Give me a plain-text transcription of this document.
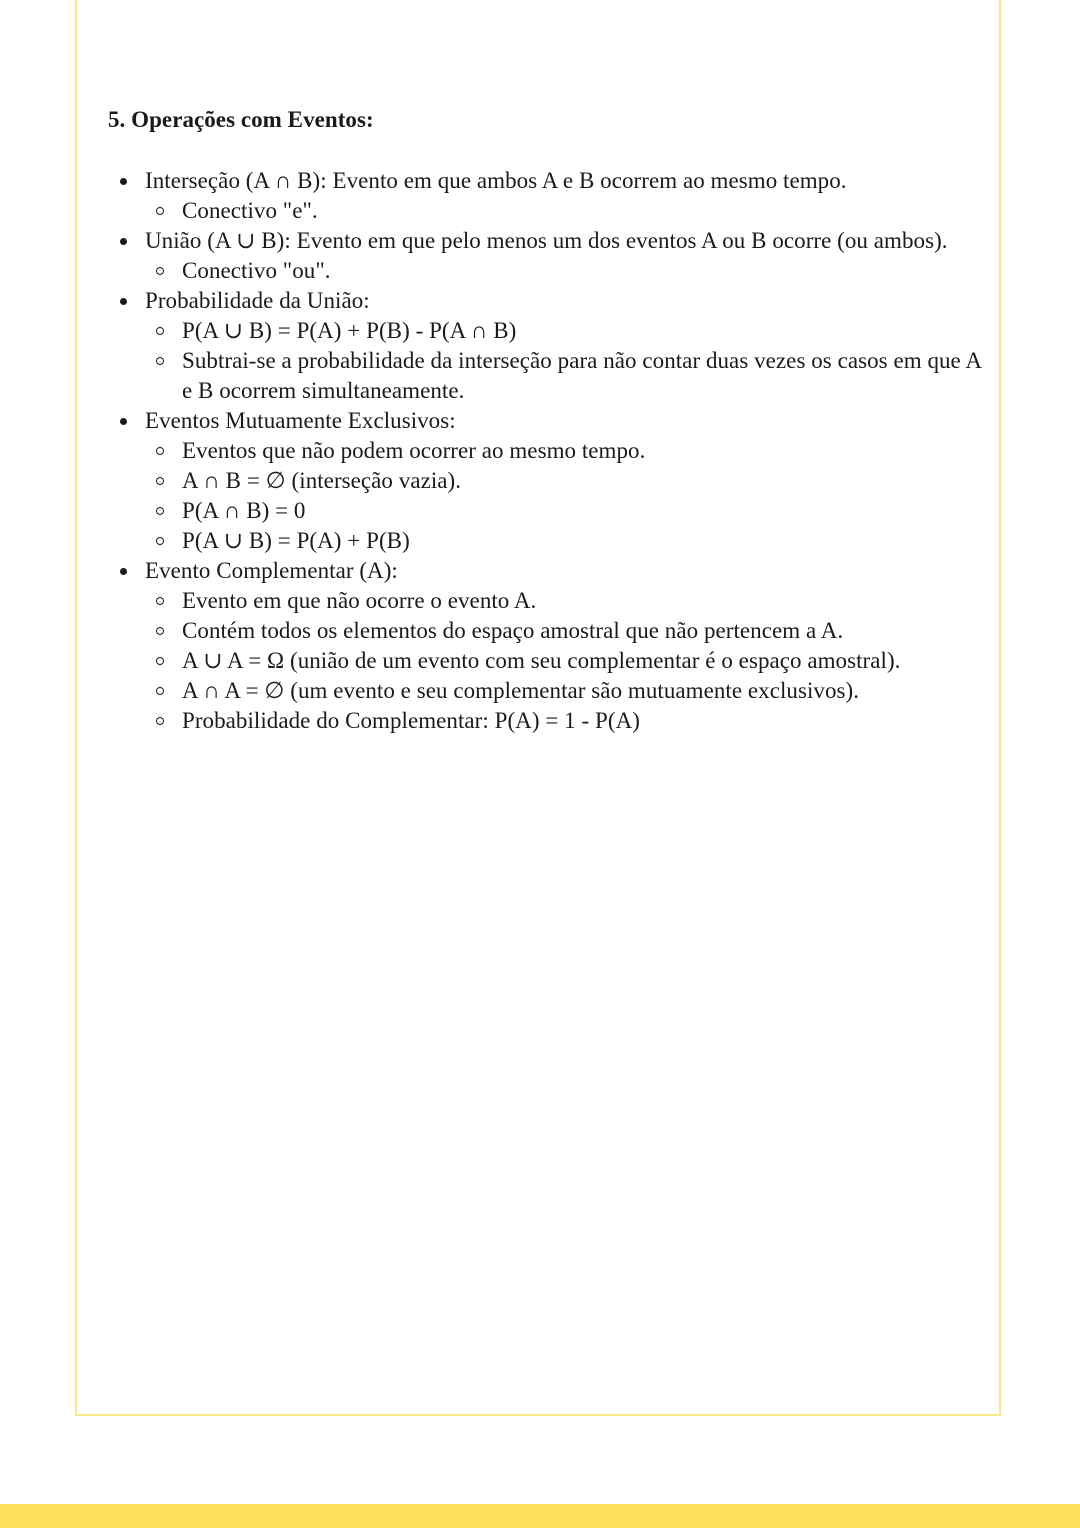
5. Operações com Eventos:
Interseção (A ∩ B): Evento em que ambos A e B ocorrem ao mesmo tempo.
Conectivo "e".
União (A ∪ B): Evento em que pelo menos um dos eventos A ou B ocorre (ou ambos).
Conectivo "ou".
Probabilidade da União:
P(A ∪ B) = P(A) + P(B) - P(A ∩ B)
Subtrai-se a probabilidade da interseção para não contar duas vezes os casos em que A e B ocorrem simultaneamente.
Eventos Mutuamente Exclusivos:
Eventos que não podem ocorrer ao mesmo tempo.
A ∩ B = ∅ (interseção vazia).
P(A ∩ B) = 0
P(A ∪ B) = P(A) + P(B)
Evento Complementar (A):
Evento em que não ocorre o evento A.
Contém todos os elementos do espaço amostral que não pertencem a A.
A ∪ A = Ω (união de um evento com seu complementar é o espaço amostral).
A ∩ A = ∅ (um evento e seu complementar são mutuamente exclusivos).
Probabilidade do Complementar: P(A) = 1 - P(A)
